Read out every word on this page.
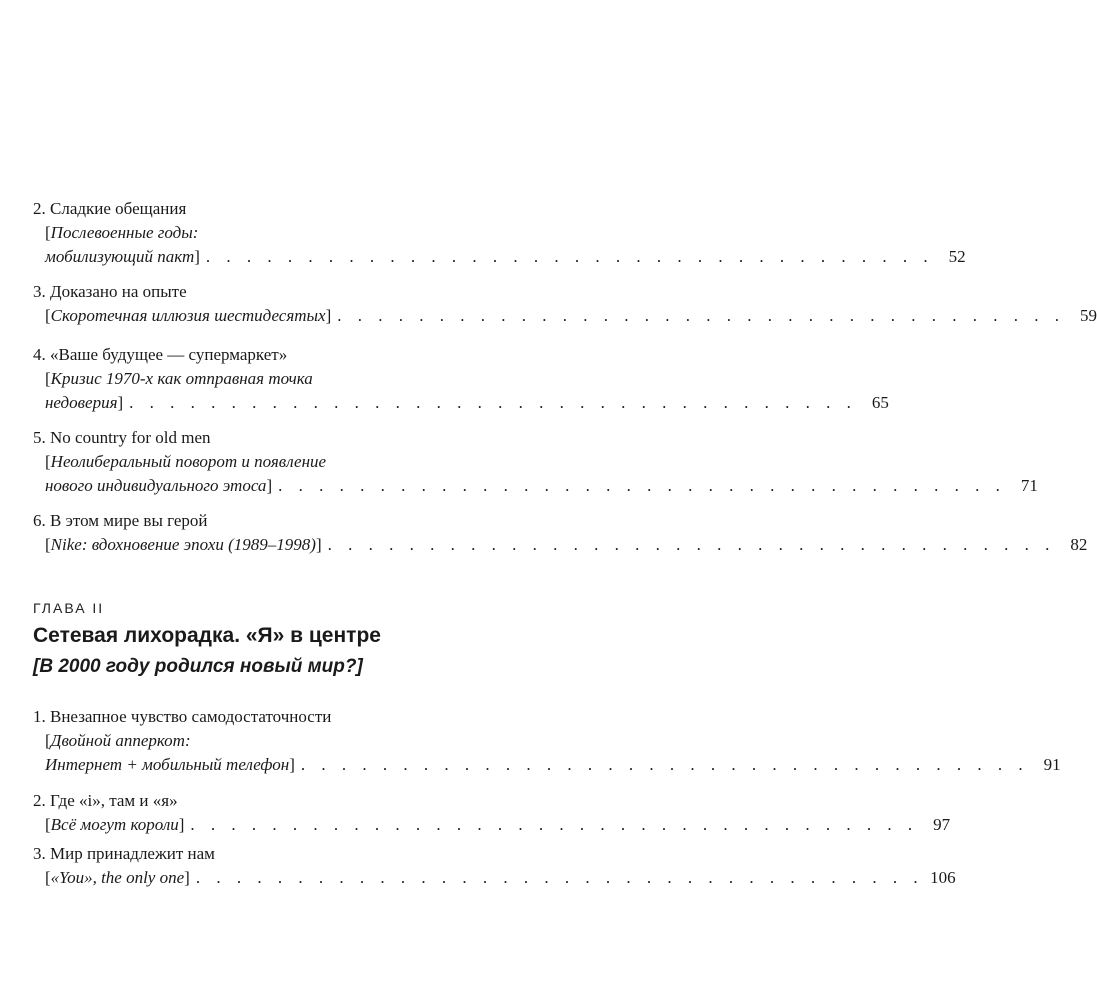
2. Сладкие обещания
[Послевоенные годы:
мобилизующий пакт] . . . . . . . . . . . . . . . . . . . . . . . . . . . . . . . . . . . . 52
3. Доказано на опыте
[Скоротечная иллюзия шестидесятых] . . . . . . . . . . . . . . . . . . . . . . . . . . . . . . . . . . . . 59
4. «Ваше будущее — супермаркет»
[Кризис 1970-х как отправная точка
недоверия] . . . . . . . . . . . . . . . . . . . . . . . . . . . . . . . . . . . . 65
5. No country for old men
[Неолиберальный поворот и появление
нового индивидуального этоса] . . . . . . . . . . . . . . . . . . . . . . . . . . . . . . . . . . . . 71
6. В этом мире вы герой
[Nike: вдохновение эпохи (1989–1998)] . . . . . . . . . . . . . . . . . . . . . . . . . . . . . . . . . . . . 82
ГЛАВА II
Сетевая лихорадка. «Я» в центре
[В 2000 году родился новый мир?]
1. Внезапное чувство самодостаточности
[Двойной апперкот:
Интернет + мобильный телефон] . . . . . . . . . . . . . . . . . . . . . . . . . . . . . . . . . . . . 91
2. Где «i», там и «я»
[Всё могут короли] . . . . . . . . . . . . . . . . . . . . . . . . . . . . . . . . . . . . 97
3. Мир принадлежит нам
[«You», the only one] . . . . . . . . . . . . . . . . . . . . . . . . . . . . . . . . . . . . 106
